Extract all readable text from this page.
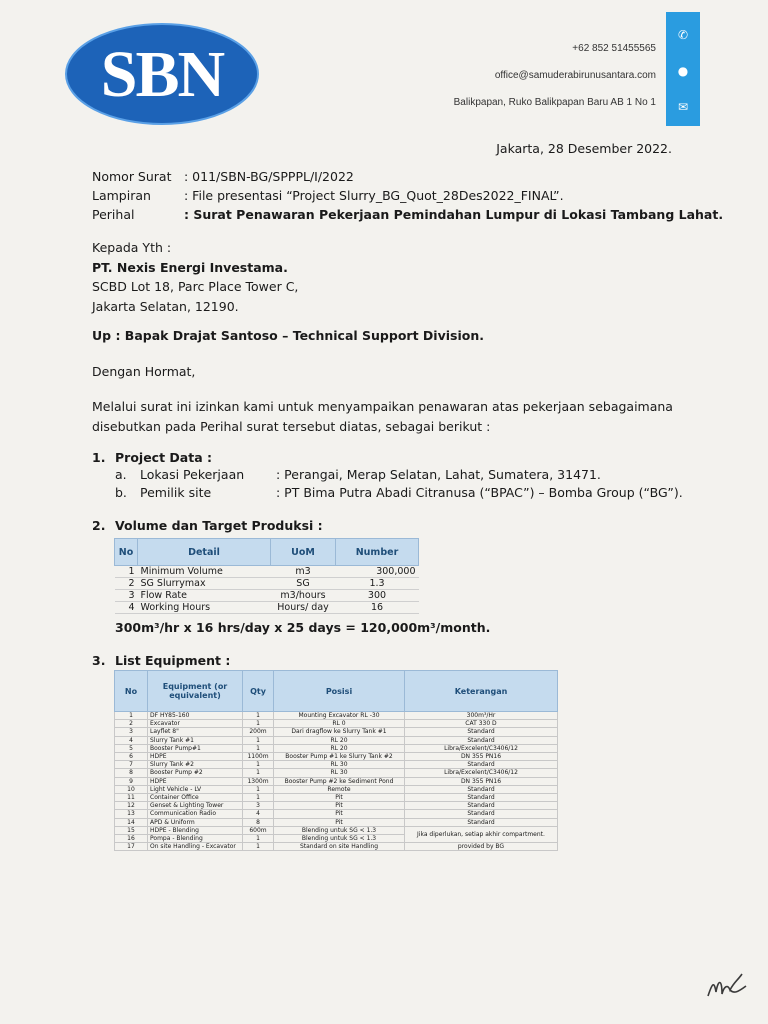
SBN	+62 852 51455565
office@samuderabirunusantara.com
Balikpapan, Ruko Balikpapan Baru AB 1 No 1
✆
●
✉
Jakarta, 28 Desember 2022.
Nomor Surat	: 011/SBN-BG/SPPPL/I/2022
Lampiran	: File presentasi “Project Slurry_BG_Quot_28Des2022_FINAL”.
Perihal	: Surat Penawaran Pekerjaan Pemindahan Lumpur di Lokasi Tambang Lahat.
Kepada Yth :
PT. Nexis Energi Investama.
SCBD Lot 18, Parc Place Tower C,
Jakarta Selatan, 12190.
Up : Bapak Drajat Santoso – Technical Support Division.
Dengan Hormat,
Melalui surat ini izinkan kami untuk menyampaikan penawaran atas pekerjaan sebagaimana disebutkan pada Perihal surat tersebut diatas, sebagai berikut :
1. Project Data :
a.	Lokasi Pekerjaan	: Perangai, Merap Selatan, Lahat, Sumatera, 31471.
b.	Pemilik site	: PT Bima Putra Abadi Citranusa (“BPAC”) – Bomba Group (“BG”).
2. Volume dan Target Produksi :
No	Detail	UoM	Number
1	Minimum Volume	m3	300,000
2	SG Slurrymax	SG	1.3
3	Flow Rate	m3/hours	300
4	Working Hours	Hours/ day	16
300m³/hr x 16 hrs/day x 25 days = 120,000m³/month.
3. List Equipment :
No	Equipment (or equivalent)	Qty	Posisi	Keterangan
1	DF HY85-160	1	Mounting Excavator RL -30	300m³/Hr
2	Excavator	1	RL 0	CAT 330 D
3	Layflet 8"	200m	Dari dragflow ke Slurry Tank #1	Standard
4	Slurry Tank #1	1	RL 20	Standard
5	Booster Pump#1	1	RL 20	Libra/Excelent/C3406/12
6	HDPE	1100m	Booster Pump #1 ke Slurry Tank #2	DN 355 PN16
7	Slurry Tank #2	1	RL 30	Standard
8	Booster Pump #2	1	RL 30	Libra/Excelent/C3406/12
9	HDPE	1300m	Booster Pump #2 ke Sediment Pond	DN 355 PN16
10	Light Vehicle - LV	1	Remote	Standard
11	Container Office	1	Pit	Standard
12	Genset & Lighting Tower	3	Pit	Standard
13	Communication Radio	4	Pit	Standard
14	APD & Uniform	8	Pit	Standard
15	HDPE - Blending	600m	Blending untuk SG < 1.3	Jika diperlukan, setiap akhir compartment.
16	Pompa - Blending	1	Blending untuk SG < 1.3	
17	On site Handling - Excavator	1	Standard on site Handling	provided by BG
